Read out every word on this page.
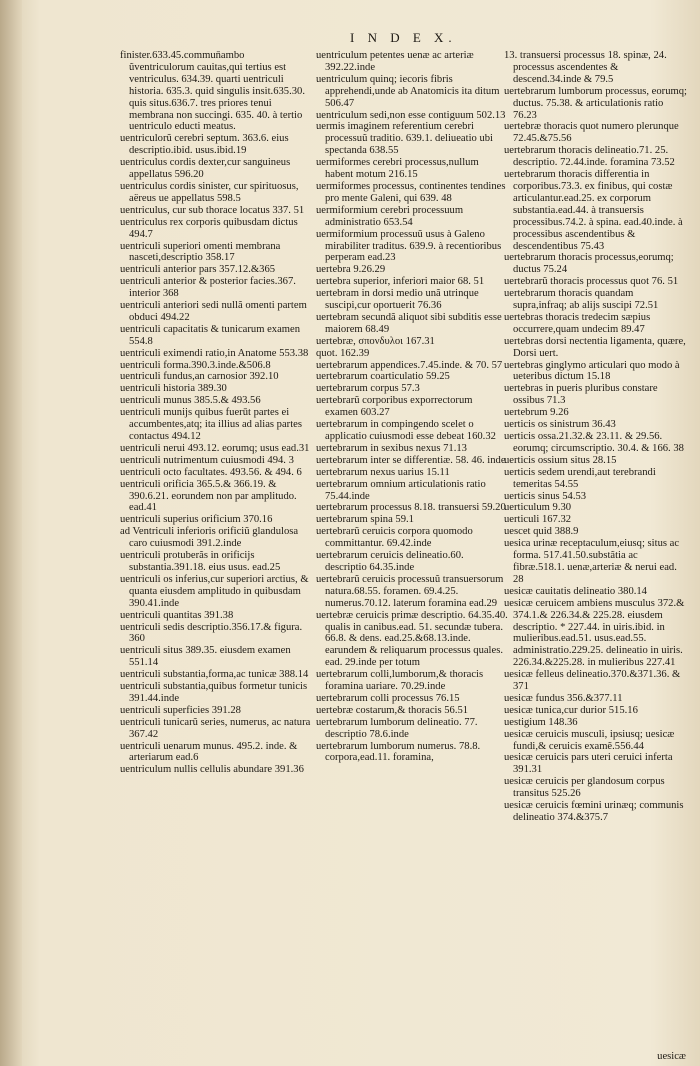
I N D E X.

finister.633.45.commun̄ambo ũventriculorum cauitas,qui tertius est ventriculus. 634.39. quarti uentriculi historia. 635.3. quid singulis insit.635.30. quis situs.636.7. tres priores tenui membrana non succingi. 635. 40. à tertio uentriculo educti meatus.

uentriculorũ cerebri septum. 363.6. eius descriptio.ibid. usus.ibid.19

uentriculus cordis dexter,cur sanguineus appellatus 596.20

uentriculus cordis sinister, cur spirituosus, aëreus ue appellatus 598.5

uentriculus, cur sub thorace locatus 337. 51

uentriculus rex corporis quibusdam dictus 494.7

uentriculi superiori omenti membrana nasceti,descriptio 358.17

uentriculi anterior pars 357.12.&365

uentriculi anterior & posterior facies.367. interior 368

uentriculi anteriori sedi nullã omenti partem obduci 494.22

uentriculi capacitatis & tunicarum examen 554.8

uentriculi eximendi ratio,in Anatome 553.38

uentriculi forma.390.3.inde.&506.8

uentriculi fundus,an carnosior 392.10

uentriculi historia 389.30

uentriculi munus 385.5.& 493.56

uentriculi munijs quibus fuerūt partes ei accumbentes,atq; ita illius ad alias partes contactus 494.12

uentriculi nerui 493.12. eorumq; usus ead.31

uentriculi nutrimentum cuiusmodi 494. 3

uentriculi octo facultates. 493.56. & 494. 6

uentriculi orificia 365.5.& 366.19. & 390.6.21. eorundem non par amplitudo. ead.41

uentriculi superius orificium 370.16

ad Ventriculi inferioris orificiũ glandulosa caro cuiusmodi 391.2.inde

uentriculi protuberãs in orificijs substantia.391.18. eius usus. ead.25

uentriculi os inferius,cur superiori arctius, & quanta eiusdem amplitudo in quibusdam 390.41.inde

uentriculi quantitas 391.38

uentriculi sedis descriptio.356.17.& figura. 360

uentriculi situs 389.35. eiusdem examen 551.14

uentriculi substantia,forma,ac tunicæ 388.14

uentriculi substantia,quibus formetur tunicis 391.44.inde

uentriculi superficies 391.28

uentriculi tunicarũ series, numerus, ac natura 367.42

uentriculi uenarum munus. 495.2. inde. & arteriarum ead.6

uentriculum nullis cellulis abundare 391.36

uentriculum petentes uenæ ac arteriæ 392.22.inde

uentriculum quinq; iecoris fibris apprehendi,unde ab Anatomicis ita ditum 506.47

uentriculum sedi,non esse contiguum 502.13

uermis imaginem referentium cerebri processuũ traditio. 639.1. deliueatio ubi spectanda 638.55

uermiformes cerebri processus,nullum habent motum 216.15

uermiformes processus, continentes tendines pro mente Galeni, qui 639. 48

uermiformium cerebri processuum administratio 653.54

uermiformium processuũ usus à Galeno mirabiliter traditus. 639.9. à recentioribus perperam ead.23

uertebra 9.26.29

uertebra superior, inferiori maior 68. 51

uertebram in dorsi medio unã utrinque suscipi,cur oportuerit 76.36

uertebram secundã aliquot sibi subditis esse maiorem 68.49

uertebræ, σπονδυλοι 167.31

quot. 162.39

uertebrarum appendices.7.45.inde. & 70. 57

uertebrarum coarticulatio 59.25

uertebrarum corpus 57.3

uertebrarũ corporibus exporrectorum examen 603.27

uertebrarum in compingendo scelet o applicatio cuiusmodi esse debeat 160.32

uertebrarum in sexibus nexus 71.13

uertebrarum inter se differentiæ. 58. 46. inde

uertebrarum nexus uarius 15.11

uertebrarum omnium articulationis ratio 75.44.inde

uertebrarum processus 8.18. transuersi 59.20

uertebrarum spina 59.1

uertebrarũ ceruicis corpora quomodo committantur. 69.42.inde

uertebrarum ceruicis delineatio.60. descriptio 64.35.inde

uertebrarũ ceruicis processuũ transuersorum natura.68.55. foramen. 69.4.25. numerus.70.12. laterum foramina ead.29

uertebræ ceruicis primæ descriptio. 64.35.40. qualis in canibus.ead. 51. secundæ tubera. 66.8. & dens. ead.25.&68.13.inde. earundem & reliquarum processus quales. ead. 29.inde per totum

uertebrarum colli,lumborum,& thoracis foramina uariare. 70.29.inde

uertebrarum colli processus 76.15

uertebræ costarum,& thoracis 56.51

uertebrarum lumborum delineatio. 77. descriptio 78.6.inde

uertebrarum lumborum numerus. 78.8. corpora,ead.11. foramina,

13. transuersi processus 18. spinæ, 24. processus ascendentes & descend.34.inde & 79.5

uertebrarum lumborum processus, eorumq; ductus. 75.38. & articulationis ratio 76.23

uertebræ thoracis quot numero plerunque 72.45.&75.56

uertebrarum thoracis delineatio.71. 25. descriptio. 72.44.inde. foramina 73.52

uertebrarum thoracis differentia in corporibus.73.3. ex finibus, qui costæ articulantur.ead.25. ex corporum substantia.ead.44. à transuersis processibus.74.2. à spina. ead.40.inde. à processibus ascendentibus & descendentibus 75.43

uertebrarum thoracis processus,eorumq; ductus 75.24

uertebrarũ thoracis processus quot 76. 51

uertebrarum thoracis quandam supra,infraq; ab alijs suscipi 72.51

uertebras thoracis tredecim sæpius occurrere,quam undecim 89.47

uertebras dorsi nectentia ligamenta, quære, Dorsi uert.

uertebras ginglymo articulari quo modo à ueteribus dictum 15.18

uertebras in pueris pluribus constare ossibus 71.3

uertebrum 9.26

uerticis os sinistrum 36.43

uerticis ossa.21.32.& 23.11. & 29.56. eorumq; circumscriptio. 30.4. & 166. 38

uerticis ossium situs 28.15

uerticis sedem urendi,aut terebrandi temeritas 54.55

uerticis sinus 54.53

uerticulum 9.30

uerticuli 167.32

uescet quid 388.9

uesica urinæ receptaculum,eiusq; situs ac forma. 517.41.50.substãtia ac fibræ.518.1. uenæ,arteriæ & nerui ead. 28

uesicæ cauitatis delineatio 380.14

uesicæ ceruicem ambiens musculus 372.& 374.1.& 226.34.& 225.28. eiusdem descriptio. * 227.44. in uiris.ibid. in mulieribus.ead.51. usus.ead.55. administratio.229.25. delineatio in uiris. 226.34.&225.28. in mulieribus 227.41

uesicæ felleus delineatio.370.&371.36. & 371

uesicæ fundus 356.&377.11

uesicæ tunica,cur durior 515.16

uestigium 148.36

uesicæ ceruicis musculi, ipsiusq; uesicæ fundi,& ceruicis examẽ.556.44

uesicæ ceruicis pars uteri ceruici inferta 391.31

uesicæ ceruicis per glandosum corpus transitus 525.26

uesicæ ceruicis fœmini urinæq; communis delineatio 374.&375.7

uesicæ
